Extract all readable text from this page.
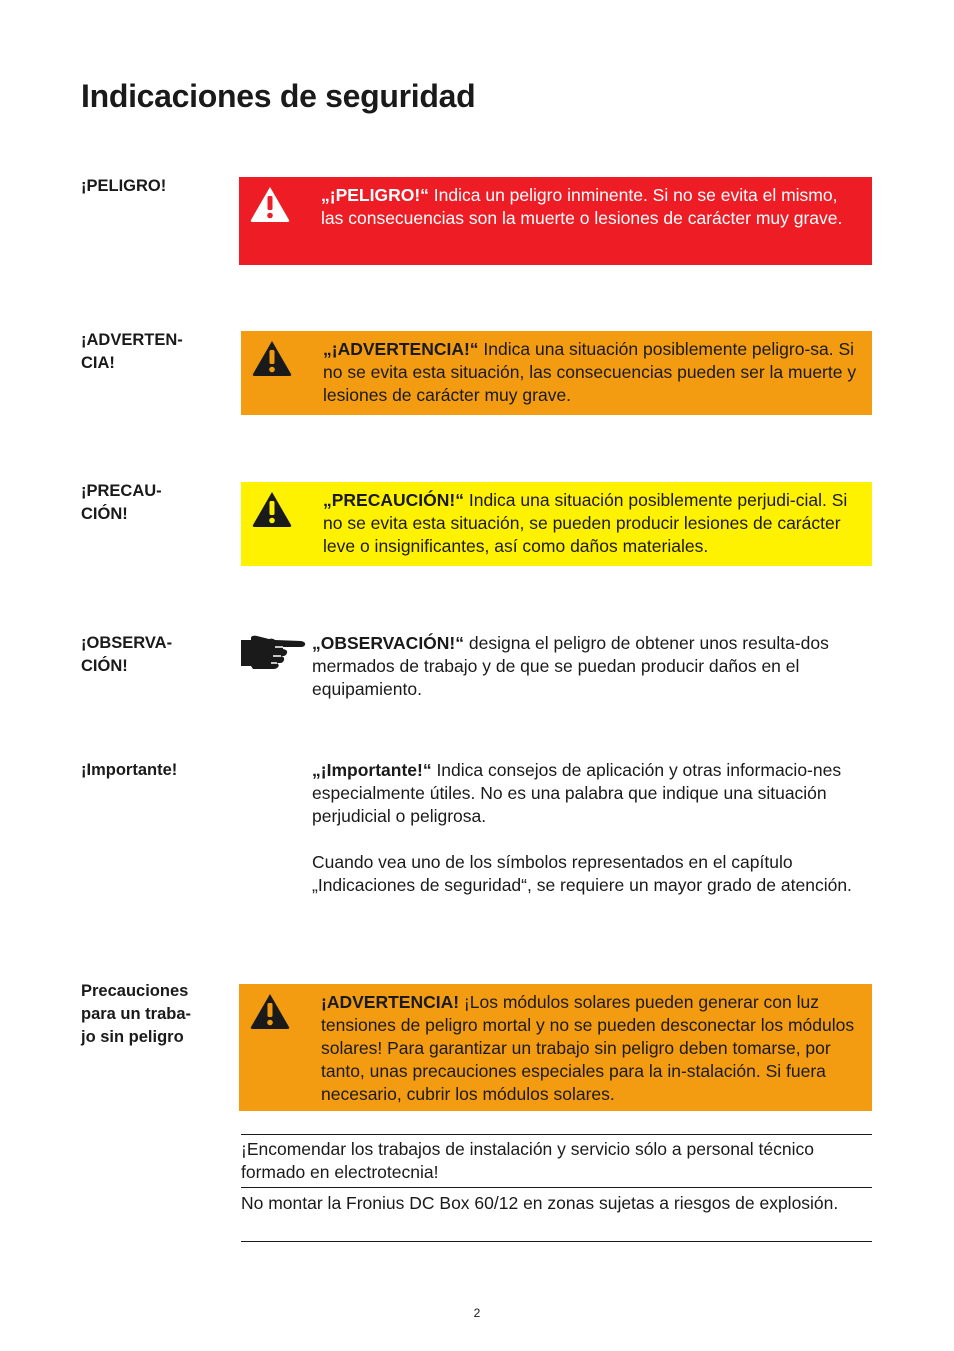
Indicaciones de seguridad
¡PELIGRO!	„¡PELIGRO!“ Indica un peligro inminente. Si no se evita el mismo, las consecuencias son la muerte o lesiones de carácter muy grave.
¡ADVERTEN-
CIA!
„¡ADVERTENCIA!“ Indica una situación posiblemente peligro-sa. Si no se evita esta situación, las consecuencias pueden ser la muerte y lesiones de carácter muy grave.
¡PRECAU-
CIÓN!
„PRECAUCIÓN!“ Indica una situación posiblemente perjudi-cial. Si no se evita esta situación, se pueden producir lesiones de carácter leve o insignificantes, así como daños materiales.
¡OBSERVA-
CIÓN!
„OBSERVACIÓN!“ designa el peligro de obtener unos resulta-dos mermados de trabajo y de que se puedan producir daños en el equipamiento.
¡Importante!	„¡Importante!“ Indica consejos de aplicación y otras informacio-nes especialmente útiles. No es una palabra que indique una situación perjudicial o peligrosa.
Cuando vea uno de los símbolos representados en el capítulo „Indicaciones de seguridad“, se requiere un mayor grado de atención.
Precauciones
para un traba-
jo sin peligro
¡ADVERTENCIA! ¡Los módulos solares pueden generar con luz tensiones de peligro mortal y no se pueden desconectar los módulos solares! Para garantizar un trabajo sin peligro deben tomarse, por tanto, unas precauciones especiales para la in-stalación. Si fuera necesario, cubrir los módulos solares.
¡Encomendar los trabajos de instalación y servicio sólo a personal técnico formado en electrotecnia!
No montar la Fronius DC Box 60/12 en zonas sujetas a riesgos de explosión.
2
